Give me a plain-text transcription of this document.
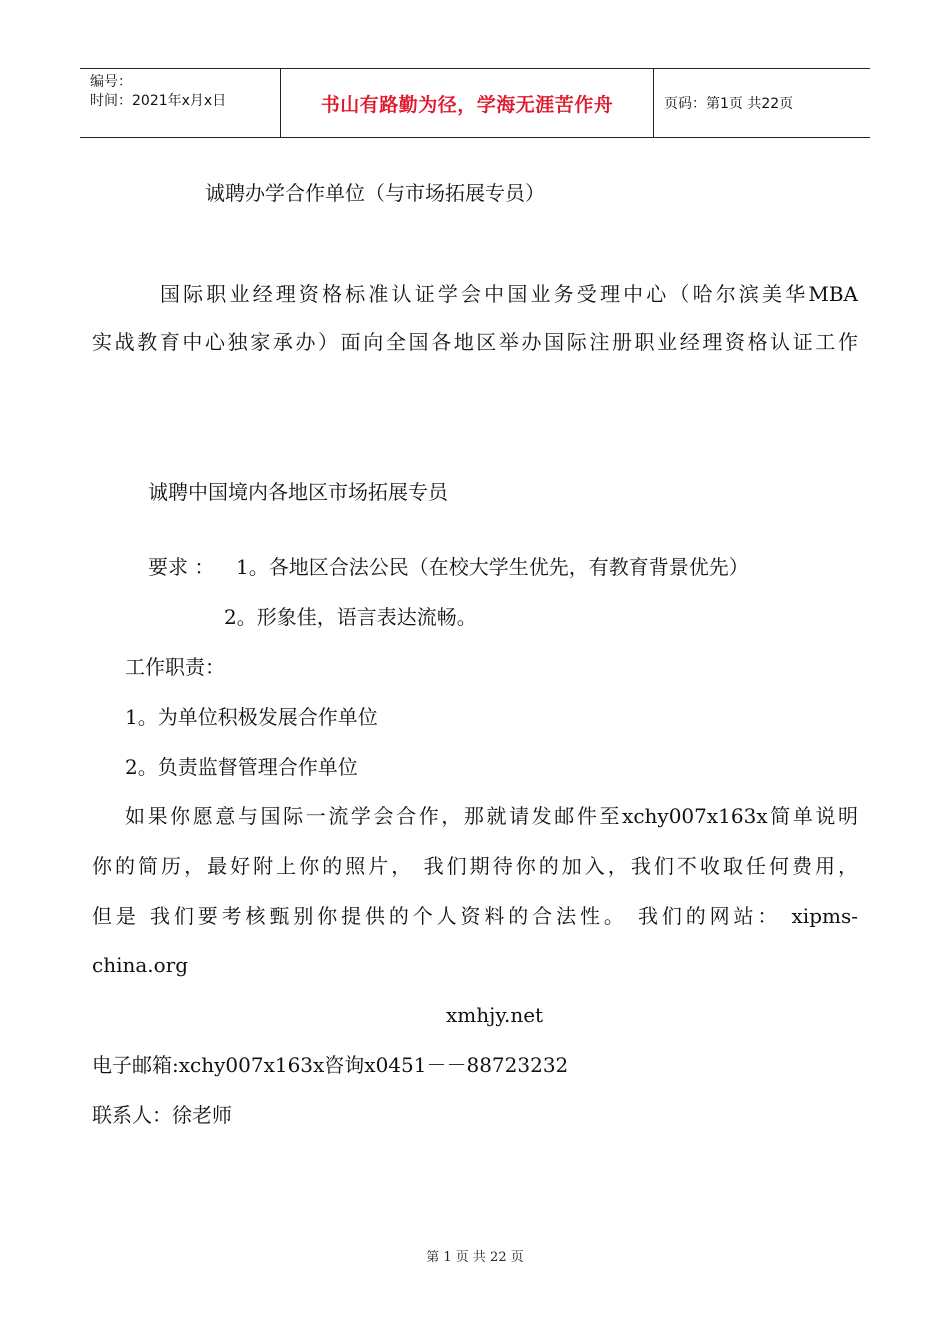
编号：
时间：2021年x月x日	书山有路勤为径，学海无涯苦作舟	页码：第1页 共22页
诚聘办学合作单位（与市场拓展专员）
国际职业经理资格标准认证学会中国业务受理中心（哈尔滨美华MBA
实战教育中心独家承办）面向全国各地区举办国际注册职业经理资格认证工作
诚聘中国境内各地区市场拓展专员
要求 ： 1。各地区合法公民（在校大学生优先，有教育背景优先）
2。形象佳，语言表达流畅。
工作职责：
1。为单位积极发展合作单位
2。负责监督管理合作单位
如果你愿意与国际一流学会合作，那就请发邮件至xchy007x163x简单说明
你的简历，最好附上你的照片， 我们期待你的加入，我们不收取任何费用，
但是 我们要考核甄别你提供的个人资料的合法性。 我们的网站： xipms-
china.org
xmhjy.net
电子邮箱:xchy007x163x咨询x0451－－88723232
联系人：徐老师
第 1 页 共 22 页
